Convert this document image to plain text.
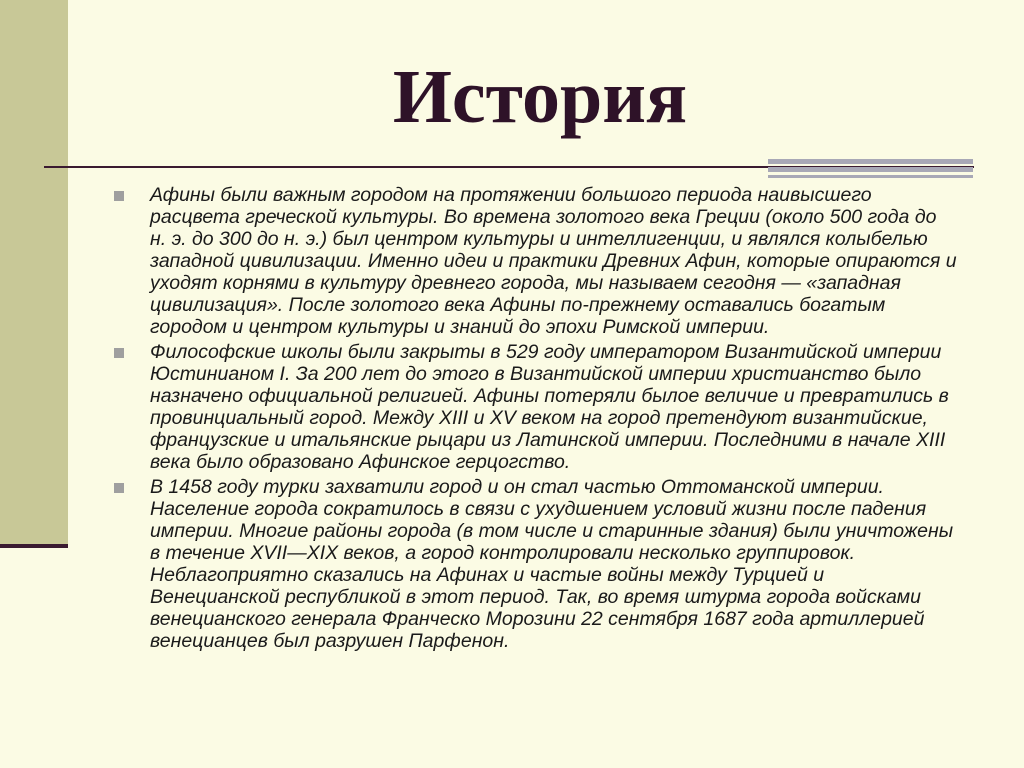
История
Афины были важным городом на протяжении большого периода наивысшего расцвета греческой культуры. Во времена золотого века Греции (около 500 года до н. э. до 300 до н. э.) был центром культуры и интеллигенции, и являлся колыбелью западной цивилизации. Именно идеи и практики Древних Афин, которые опираются и уходят корнями в культуру древнего города, мы называем сегодня — «западная цивилизация». После золотого века Афины по-прежнему оставались богатым городом и центром культуры и знаний до эпохи Римской империи.
Философские школы были закрыты в 529 году императором Византийской империи Юстинианом I. За 200 лет до этого в Византийской империи христианство было назначено официальной религией. Афины потеряли былое величие и превратились в провинциальный город. Между XIII и XV веком на город претендуют византийские, французские и итальянские рыцари из Латинской империи. Последними в начале XIII века было образовано Афинское герцогство.
В 1458 году турки захватили город и он стал частью Оттоманской империи. Население города сократилось в связи с ухудшением условий жизни после падения империи. Многие районы города (в том числе и старинные здания) были уничтожены в течение XVII—XIX веков, а город контролировали несколько группировок. Неблагоприятно сказались на Афинах и частые войны между Турцией и Венецианской республикой в этот период. Так, во время штурма города войсками венецианского генерала Франческо Морозини 22 сентября 1687 года артиллерией венецианцев был разрушен Парфенон.
